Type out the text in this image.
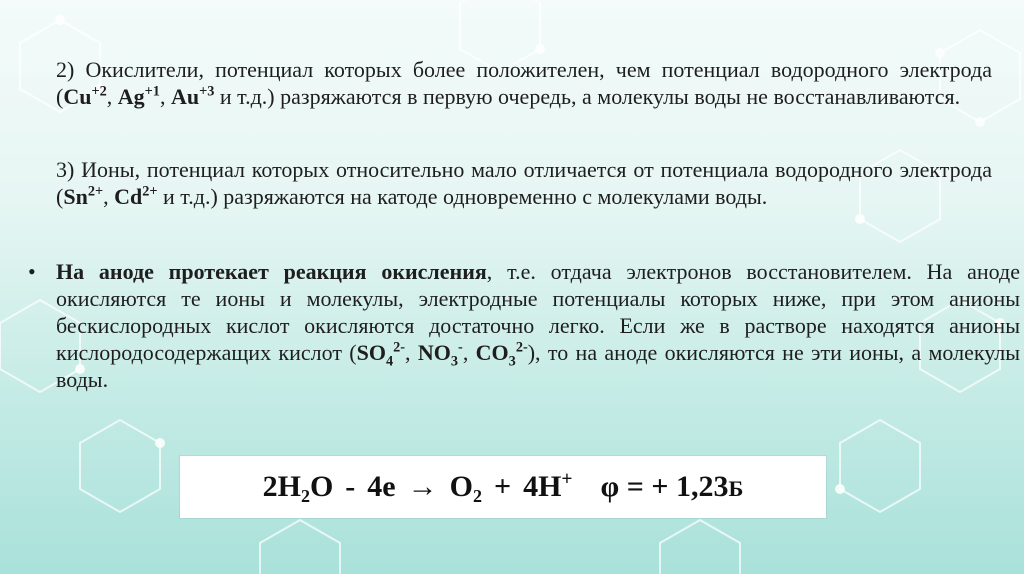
2) Окислители, потенциал которых более положителен, чем потенциал водородного электрода ($Cu^{+2}$, $Ag^{+1}$, $Au^{+3}$ и т.д.) разряжаются в первую очередь, а молекулы воды не восстанавливаются.

3) Ионы, потенциал которых относительно мало отличается от потенциала водородного электрода ($Sn^{2+}$, $Cd^{2+}$ и т.д.) разряжаются на катоде одновременно с молекулами воды.

• На аноде протекает реакция окисления, т.е. отдача электронов восстановителем. На аноде окисляются те ионы и молекулы, электродные потенциалы которых ниже, при этом анионы бескислородных кислот окисляются достаточно легко. Если же в растворе находятся анионы кислородосодержащих кислот ($SO_4^{2-}$, $NO_3^-$, $CO_3^{2-}$), то на аноде окисляются не эти ионы, а молекулы воды.

2H₂O - 4e → O₂ + 4H+ φ = + 1,23Б
